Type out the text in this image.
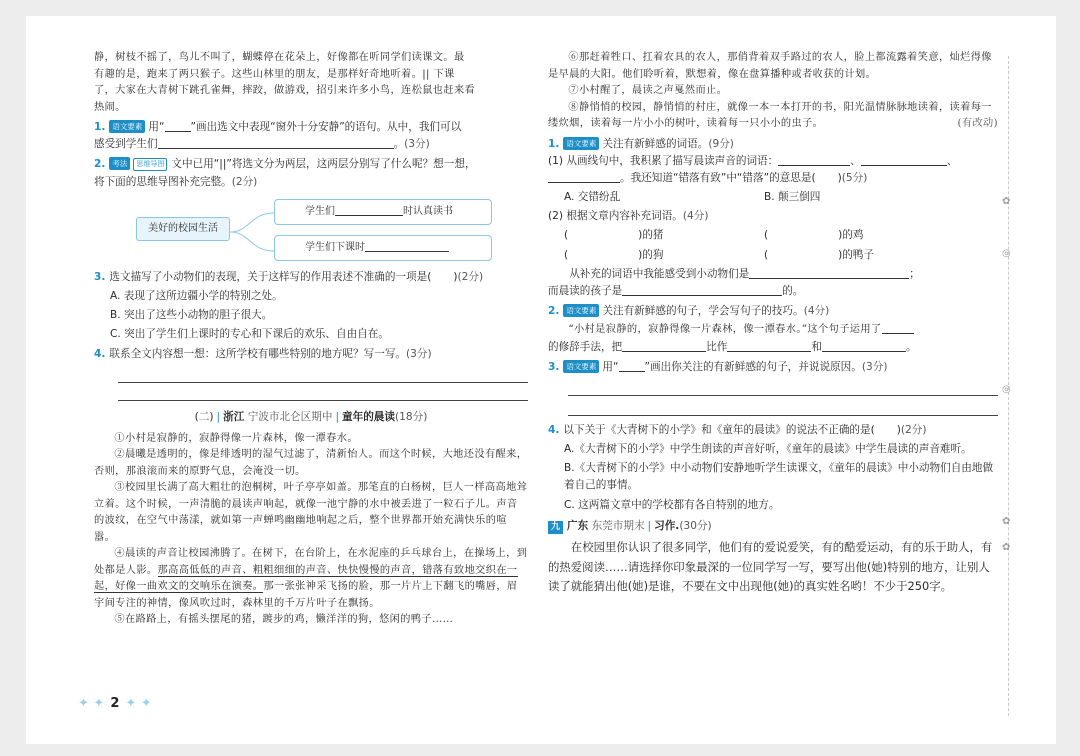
静，树枝不摇了，鸟儿不叫了，蝴蝶停在花朵上，好像都在听同学们读课文。最

有趣的是，跑来了两只猴子。这些山林里的朋友，是那样好奇地听着。|| 下课

了，大家在大青树下跳孔雀舞，摔跤，做游戏，招引来许多小鸟，连松鼠也赶来看

热闹。

1. 语文要素 用“ ”画出选文中表现“窗外十分安静”的语句。从中，我们可以
感受到学生们	。(3分)
2. 考法 思维导图 文中已用“||”将选文分为两层，这两层分别写了什么呢？想一想，
将下面的思维导图补充完整。(2分)
美好的校园生活
学生们	时认真读书
学生们下课时
3. 选文描写了小动物们的表现，关于这样写的作用表述不准确的一项是( )(2分)

A. 表现了这所边疆小学的特别之处。

B. 突出了这些小动物的胆子很大。

C. 突出了学生们上课时的专心和下课后的欢乐、自由自在。

4. 联系全文内容想一想：这所学校有哪些特别的地方呢？写一写。(3分)
(二) | 浙江 宁波市北仑区期中 | 童年的晨读(18分)

①小村是寂静的，寂静得像一片森林，像一潭春水。

②晨曦是透明的，像是绯透明的湿气过滤了，清新怡人。而这个时候，大地还没有醒来，否则，那浪滚而来的原野气息，会淹没一切。

③校园里长满了高大粗壮的泡桐树，叶子亭亭如盖。那笔直的白杨树，巨人一样高高地耸立着。这个时候，一声清脆的晨读声响起，就像一池宁静的水中被丢进了一粒石子儿。声音的波纹，在空气中荡漾，就如第一声蝉鸣幽幽地响起之后，整个世界都开始充满快乐的喧嚣。

④晨读的声音让校园沸腾了。在树下，在台阶上，在水泥座的乒乓球台上，在操场上，到处都是人影。那高高低低的声音、粗粗细细的声音、快快慢慢的声音，错落有致地交织在一起，好像一曲欢文的交响乐在演奏。那一张张神采飞扬的脸，那一片片上下翻飞的嘴唇，眉宇间专注的神情，像风吹过时，森林里的千万片叶子在飘扬。

⑤在路路上，有摇头摆尾的猪，踱步的鸡，懒洋洋的狗，悠闲的鸭子……

✦ ✦ 2 ✦ ✦

⑥那赶着牲口、扛着农具的农人，那俏背着双手路过的农人，脸上都流露着笑意，灿烂得像是早晨的大阳。他们聆听着，默想着，像在盘算播种或者收获的计划。

⑦小村醒了，晨读之声戛然而止。

⑧静悄悄的校园，静悄悄的村庄，就像一本一本打开的书，阳光温情脉脉地读着，读着每一缕炊烟，读着每一片小小的树叶，读着每一只小小的虫子。	(有改动)

1. 语文要素 关注有新鲜感的词语。(9分)

(1) 从画线句中，我积累了描写晨读声音的词语：	、	、

。我还知道“错落有致”中“错落”的意思是( )(5分)

A. 交错纷乱	B. 颠三倒四

(2) 根据文章内容补充词语。(4分)

(	)的猪	(	)的鸡

(	)的狗	(	)的鸭子

从补充的词语中我能感受到小动物们是	；

而晨读的孩子是	的。

2. 语文要素 关注有新鲜感的句子，学会写句子的技巧。(4分)

“小村是寂静的，寂静得像一片森林，像一潭春水。”这个句子运用了

的修辞手法，把	比作	和	。

3. 语文要素 用“ ”画出你关注的有新鲜感的句子，并说说原因。(3分)
4. 以下关于《大青树下的小学》和《童年的晨读》的说法不正确的是( )(2分)

A.《大青树下的小学》中学生朗读的声音好听，《童年的晨读》中学生晨读的声音难听。

B.《大青树下的小学》中小动物们安静地听学生读课文，《童年的晨读》中小动物们自由地做着自己的事情。

C. 这两篇文章中的学校都有各自特别的地方。

九 广东 东莞市期末 | 习作.(30分)

在校园里你认识了很多同学，他们有的爱说爱笑，有的酷爱运动，有的乐于助人，有的热爱阅读……请选择你印象最深的一位同学写一写，要写出他(她)特别的地方，让别人读了就能猜出他(她)是谁，不要在文中出现他(她)的真实姓名哟！不少于250字。

✿
◎
◎
✿
✿
